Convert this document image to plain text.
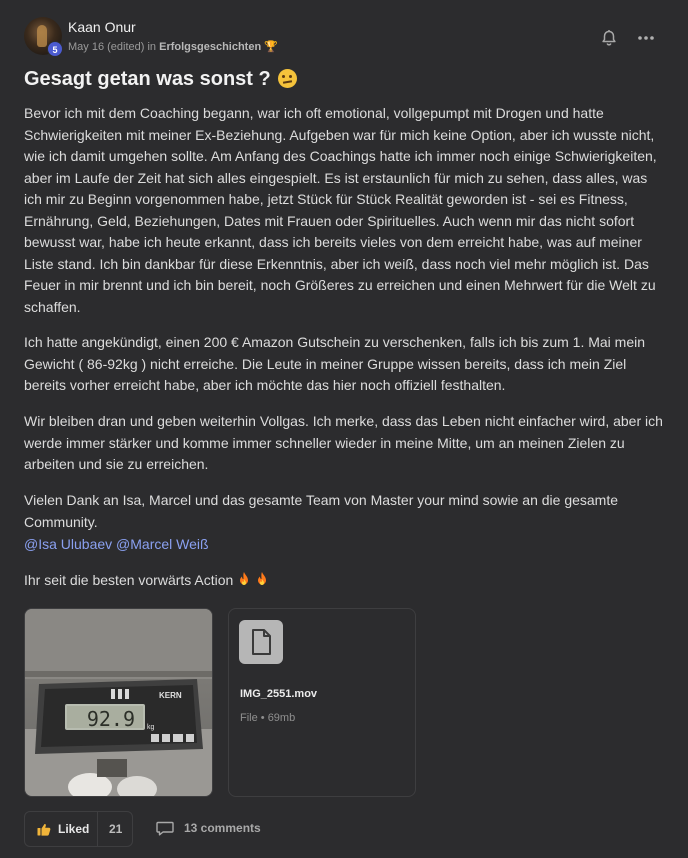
5
Kaan Onur
May 16 (edited) in Erfolgsgeschichten 🏆
Gesagt getan was sonst ?

Bevor ich mit dem Coaching begann, war ich oft emotional, vollgepumpt mit Drogen und hatte Schwierigkeiten mit meiner Ex-Beziehung. Aufgeben war für mich keine Option, aber ich wusste nicht, wie ich damit umgehen sollte. Am Anfang des Coachings hatte ich immer noch einige Schwierigkeiten, aber im Laufe der Zeit hat sich alles eingespielt. Es ist erstaunlich für mich zu sehen, dass alles, was ich mir zu Beginn vorgenommen habe, jetzt Stück für Stück Realität geworden ist - sei es Fitness, Ernährung, Geld, Beziehungen, Dates mit Frauen oder Spirituelles. Auch wenn mir das nicht sofort bewusst war, habe ich heute erkannt, dass ich bereits vieles von dem erreicht habe, was auf meiner Liste stand. Ich bin dankbar für diese Erkenntnis, aber ich weiß, dass noch viel mehr möglich ist. Das Feuer in mir brennt und ich bin bereit, noch Größeres zu erreichen und einen Mehrwert für die Welt zu schaffen.

Ich hatte angekündigt, einen 200 € Amazon Gutschein zu verschenken, falls ich bis zum 1. Mai mein Gewicht ( 86-92kg ) nicht erreiche. Die Leute in meiner Gruppe wissen bereits, dass ich mein Ziel bereits vorher erreicht habe, aber ich möchte das hier noch offiziell festhalten.

Wir bleiben dran und geben weiterhin Vollgas. Ich merke, dass das Leben nicht einfacher wird, aber ich werde immer stärker und komme immer schneller wieder in meine Mitte, um an meinen Zielen zu arbeiten und sie zu erreichen.

Vielen Dank an Isa, Marcel und das gesamte Team von Master your mind sowie an die gesamte Community.

@Isa Ulubaev @Marcel Weiß
Ihr seit die besten vorwärts Action
KERN
92.9 kg
IMG_2551.mov
File • 69mb
Liked 21	13 comments
